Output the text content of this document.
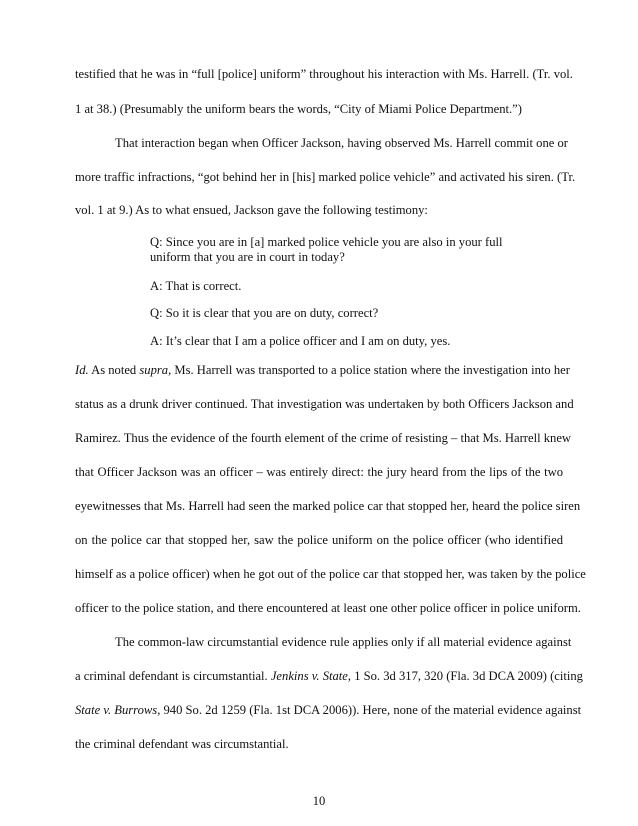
testified that he was in “full [police] uniform” throughout his interaction with Ms. Harrell. (Tr. vol.
1 at 38.) (Presumably the uniform bears the words, “City of Miami Police Department.”)
That interaction began when Officer Jackson, having observed Ms. Harrell commit one or
more traffic infractions, “got behind her in [his] marked police vehicle” and activated his siren. (Tr.
vol. 1 at 9.) As to what ensued, Jackson gave the following testimony:
Q: Since you are in [a] marked police vehicle you are also in your full
uniform that you are in court in today?
A: That is correct.
Q: So it is clear that you are on duty, correct?
A: It’s clear that I am a police officer and I am on duty, yes.
Id. As noted supra, Ms. Harrell was transported to a police station where the investigation into her
status as a drunk driver continued. That investigation was undertaken by both Officers Jackson and
Ramirez. Thus the evidence of the fourth element of the crime of resisting – that Ms. Harrell knew
that Officer Jackson was an officer – was entirely direct: the jury heard from the lips of the two
eyewitnesses that Ms. Harrell had seen the marked police car that stopped her, heard the police siren
on the police car that stopped her, saw the police uniform on the police officer (who identified
himself as a police officer) when he got out of the police car that stopped her, was taken by the police
officer to the police station, and there encountered at least one other police officer in police uniform.
The common-law circumstantial evidence rule applies only if all material evidence against
a criminal defendant is circumstantial. Jenkins v. State, 1 So. 3d 317, 320 (Fla. 3d DCA 2009) (citing
State v. Burrows, 940 So. 2d 1259 (Fla. 1st DCA 2006)). Here, none of the material evidence against
the criminal defendant was circumstantial.
10
